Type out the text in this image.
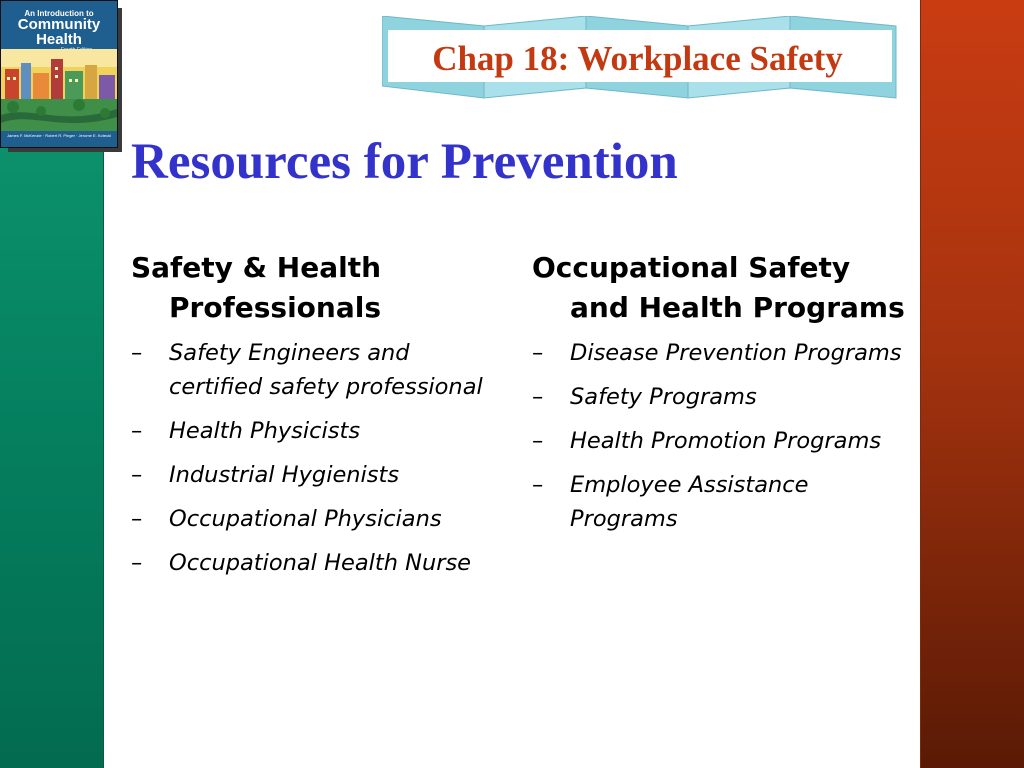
An Introduction to
Community
Health
James F. McKenzie · Robert R. Pinger · Jerome E. Kotecki
Chap 18: Workplace Safety
Resources for Prevention

Safety & Health Professionals

– Safety Engineers and certified safety professional
– Health Physicists
– Industrial Hygienists
– Occupational Physicians
– Occupational Health Nurse

Occupational Safety and Health Programs

– Disease Prevention Programs
– Safety Programs
– Health Promotion Programs
– Employee Assistance Programs
